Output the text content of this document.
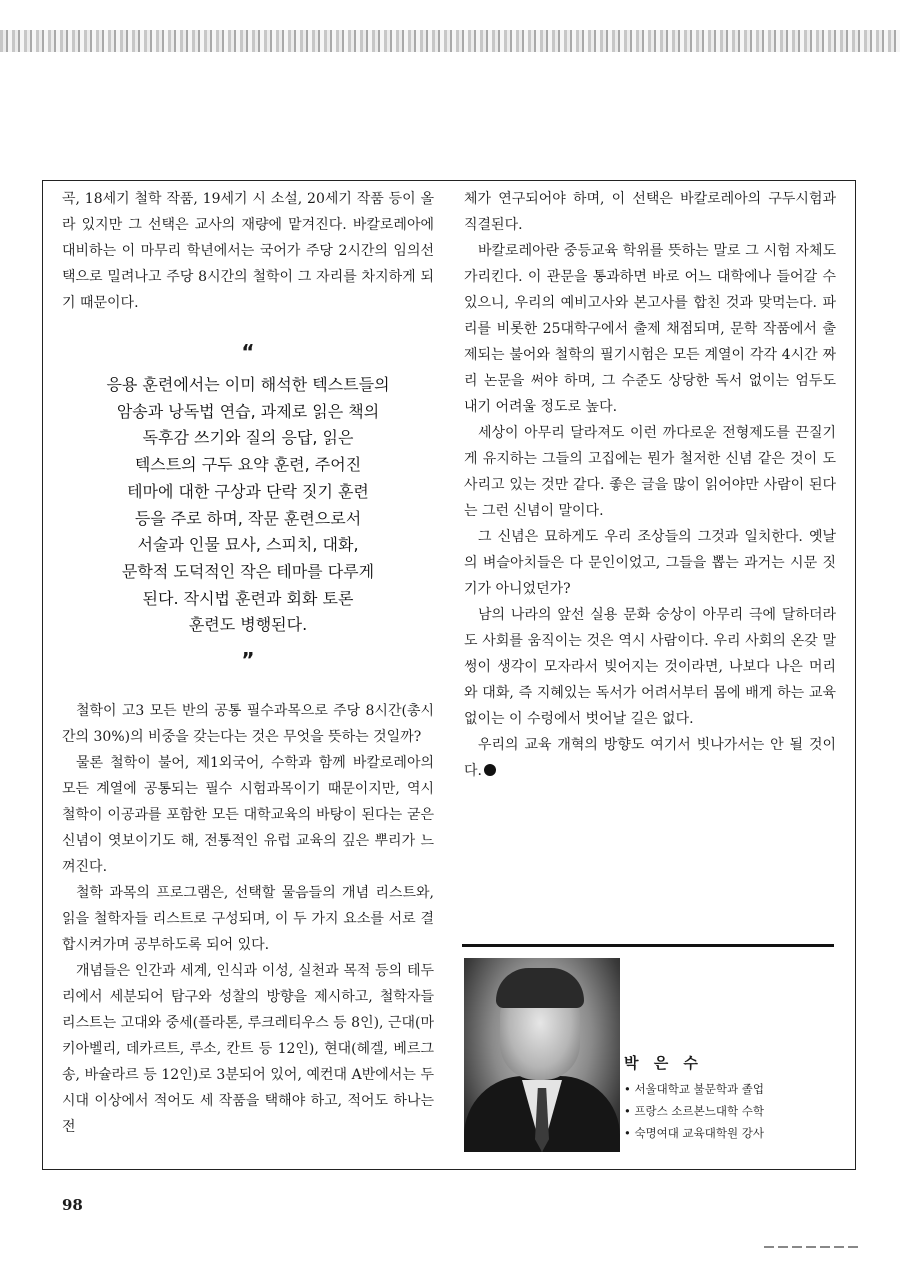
곡, 18세기 철학 작품, 19세기 시 소설, 20세기 작품 등이 올라 있지만 그 선택은 교사의 재량에 맡겨진다. 바칼로레아에 대비하는 이 마무리 학년에서는 국어가 주당 2시간의 임의선택으로 밀려나고 주당 8시간의 철학이 그 자리를 차지하게 되기 때문이다.

“

응용 훈련에서는 이미 해석한 텍스트들의
암송과 낭독법 연습, 과제로 읽은 책의
독후감 쓰기와 질의 응답, 읽은
텍스트의 구두 요약 훈련, 주어진
테마에 대한 구상과 단락 짓기 훈련
등을 주로 하며, 작문 훈련으로서
서술과 인물 묘사, 스피치, 대화,
문학적 도덕적인 작은 테마를 다루게
된다. 작시법 훈련과 회화 토론
훈련도 병행된다.

”

철학이 고3 모든 반의 공통 필수과목으로 주당 8시간(총시간의 30%)의 비중을 갖는다는 것은 무엇을 뜻하는 것일까?

물론 철학이 불어, 제1외국어, 수학과 함께 바칼로레아의 모든 계열에 공통되는 필수 시험과목이기 때문이지만, 역시 철학이 이공과를 포함한 모든 대학교육의 바탕이 된다는 굳은 신념이 엿보이기도 해, 전통적인 유럽 교육의 깊은 뿌리가 느껴진다.

철학 과목의 프로그램은, 선택할 물음들의 개념 리스트와, 읽을 철학자들 리스트로 구성되며, 이 두 가지 요소를 서로 결합시켜가며 공부하도록 되어 있다.

개념들은 인간과 세계, 인식과 이성, 실천과 목적 등의 테두리에서 세분되어 탐구와 성찰의 방향을 제시하고, 철학자들 리스트는 고대와 중세(플라톤, 루크레티우스 등 8인), 근대(마키아벨리, 데카르트, 루소, 칸트 등 12인), 현대(헤겔, 베르그송, 바슐라르 등 12인)로 3분되어 있어, 예컨대 A반에서는 두 시대 이상에서 적어도 세 작품을 택해야 하고, 적어도 하나는 전

체가 연구되어야 하며, 이 선택은 바칼로레아의 구두시험과 직결된다.

바칼로레아란 중등교육 학위를 뜻하는 말로 그 시험 자체도 가리킨다. 이 관문을 통과하면 바로 어느 대학에나 들어갈 수 있으니, 우리의 예비고사와 본고사를 합친 것과 맞먹는다. 파리를 비롯한 25대학구에서 출제 채점되며, 문학 작품에서 출제되는 불어와 철학의 필기시험은 모든 계열이 각각 4시간 짜리 논문을 써야 하며, 그 수준도 상당한 독서 없이는 엄두도 내기 어려울 정도로 높다.

세상이 아무리 달라져도 이런 까다로운 전형제도를 끈질기게 유지하는 그들의 고집에는 뭔가 철저한 신념 같은 것이 도사리고 있는 것만 같다. 좋은 글을 많이 읽어야만 사람이 된다는 그런 신념이 말이다.

그 신념은 묘하게도 우리 조상들의 그것과 일치한다. 옛날의 벼슬아치들은 다 문인이었고, 그들을 뽑는 과거는 시문 짓기가 아니었던가?

남의 나라의 앞선 실용 문화 숭상이 아무리 극에 달하더라도 사회를 움직이는 것은 역시 사람이다. 우리 사회의 온갖 말썽이 생각이 모자라서 빚어지는 것이라면, 나보다 나은 머리와 대화, 즉 지혜있는 독서가 어려서부터 몸에 배게 하는 교육 없이는 이 수렁에서 벗어날 길은 없다.

우리의 교육 개혁의 방향도 여기서 빗나가서는 안 될 것이다.

박 은 수
• 서울대학교 불문학과 졸업
• 프랑스 소르본느대학 수학
• 숙명여대 교육대학원 강사
98
